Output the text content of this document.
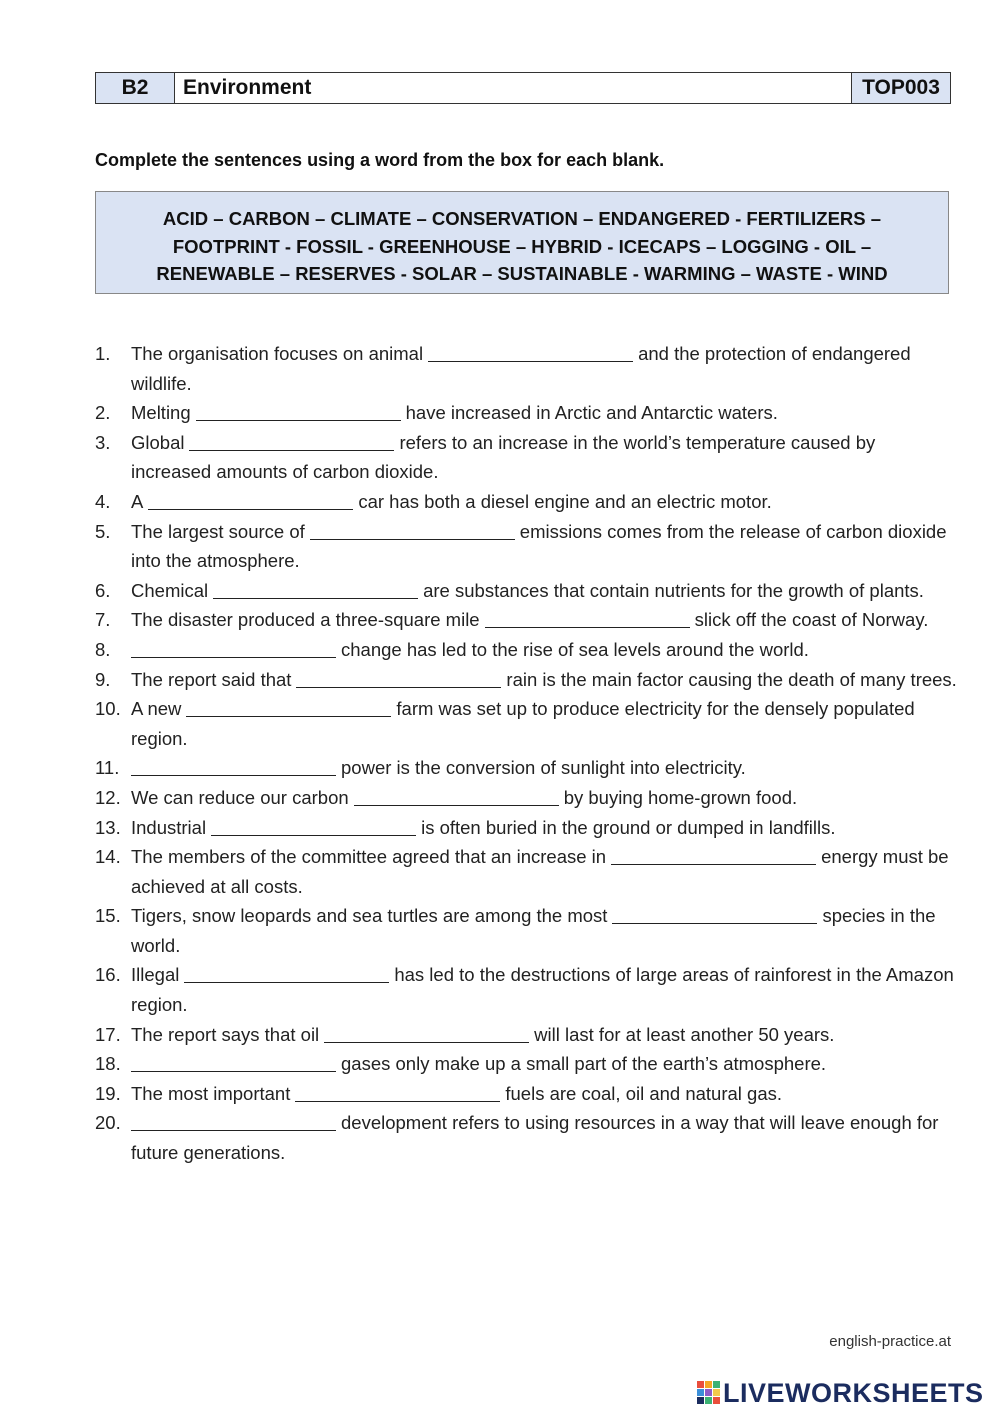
B2	Environment	TOP003
Complete the sentences using a word from the box for each blank.
ACID – CARBON – CLIMATE – CONSERVATION – ENDANGERED - FERTILIZERS –
FOOTPRINT - FOSSIL - GREENHOUSE – HYBRID - ICECAPS – LOGGING - OIL –
RENEWABLE – RESERVES - SOLAR – SUSTAINABLE - WARMING – WASTE - WIND
1. The organisation focuses on animal	and the protection of endangered wildlife.
2. Melting	have increased in Arctic and Antarctic waters.
3. Global	refers to an increase in the world’s temperature caused by increased amounts of carbon dioxide.
4. A	car has both a diesel engine and an electric motor.
5. The largest source of	emissions comes from the release of carbon dioxide into the atmosphere.
6. Chemical	are substances that contain nutrients for the growth of plants.
7. The disaster produced a three-square mile	slick off the coast of Norway.
8.	change has led to the rise of sea levels around the world.
9. The report said that	rain is the main factor causing the death of many trees.
10. A new	farm was set up to produce electricity for the densely populated region.
11.	power is the conversion of sunlight into electricity.
12. We can reduce our carbon	by buying home-grown food.
13. Industrial	is often buried in the ground or dumped in landfills.
14. The members of the committee agreed that an increase in	energy must be achieved at all costs.
15. Tigers, snow leopards and sea turtles are among the most	species in the world.
16. Illegal	has led to the destructions of large areas of rainforest in the Amazon region.
17. The report says that oil	will last for at least another 50 years.
18.	gases only make up a small part of the earth’s atmosphere.
19. The most important	fuels are coal, oil and natural gas.
20.	development refers to using resources in a way that will leave enough for future generations.
english-practice.at
LIVEWORKSHEETS
